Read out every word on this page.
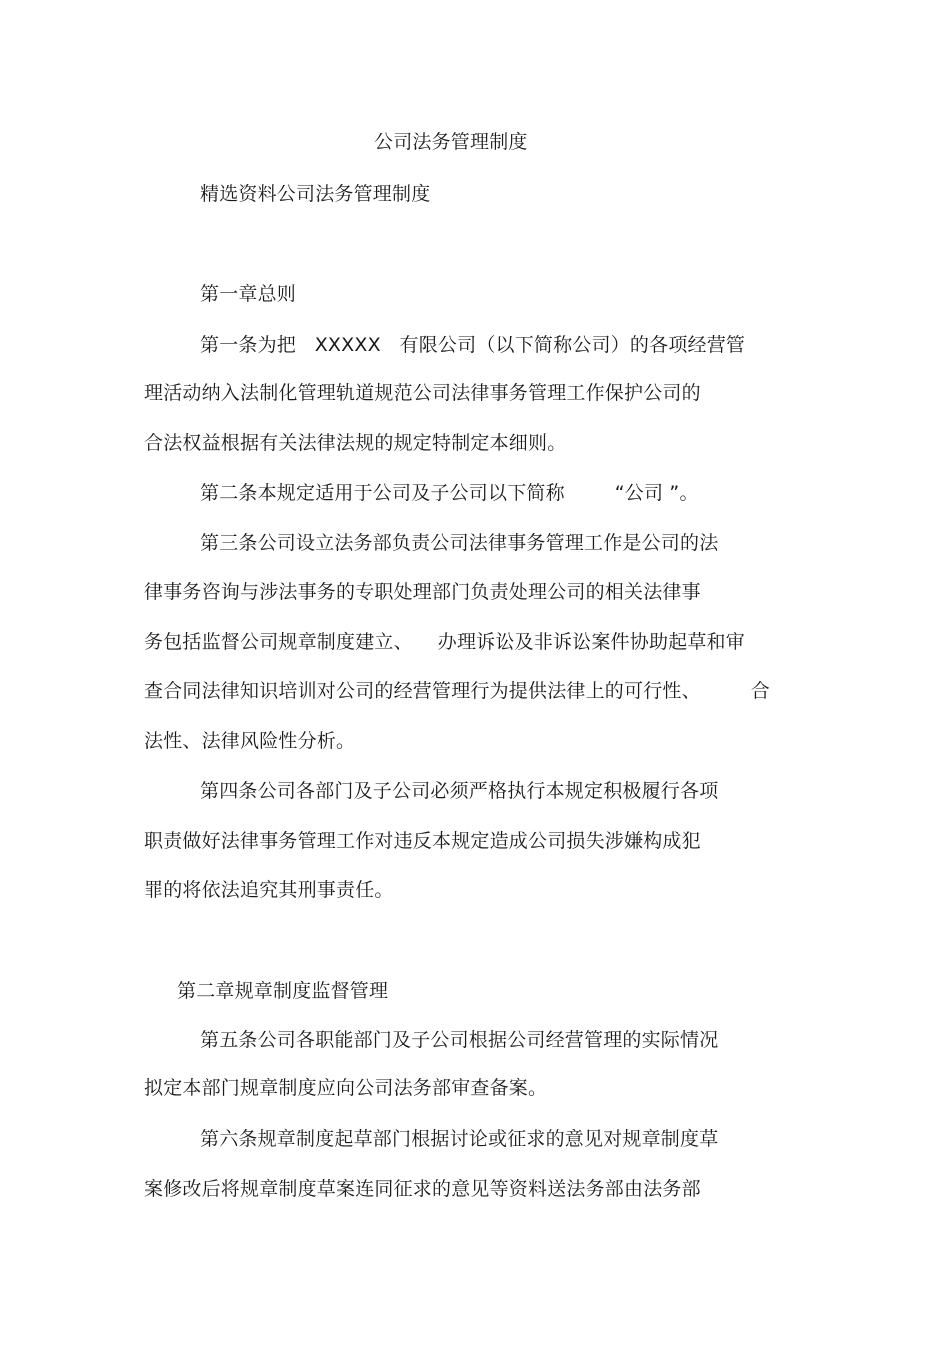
公司法务管理制度
精选资料公司法务管理制度
第一章总则
第一条为把   XXXXX   有限公司（以下简称公司）的各项经营管
理活动纳入法制化管理轨道规范公司法律事务管理工作保护公司的
合法权益根据有关法律法规的规定特制定本细则。
第二条本规定适用于公司及子公司以下简称        “公司 ”。
第三条公司设立法务部负责公司法律事务管理工作是公司的法
律事务咨询与涉法事务的专职处理部门负责处理公司的相关法律事
务包括监督公司规章制度建立、    办理诉讼及非诉讼案件协助起草和审
查合同法律知识培训对公司的经营管理行为提供法律上的可行性、        合
法性、法律风险性分析。
第四条公司各部门及子公司必须严格执行本规定积极履行各项
职责做好法律事务管理工作对违反本规定造成公司损失涉嫌构成犯
罪的将依法追究其刑事责任。
第二章规章制度监督管理
第五条公司各职能部门及子公司根据公司经营管理的实际情况
拟定本部门规章制度应向公司法务部审查备案。
第六条规章制度起草部门根据讨论或征求的意见对规章制度草
案修改后将规章制度草案连同征求的意见等资料送法务部由法务部
